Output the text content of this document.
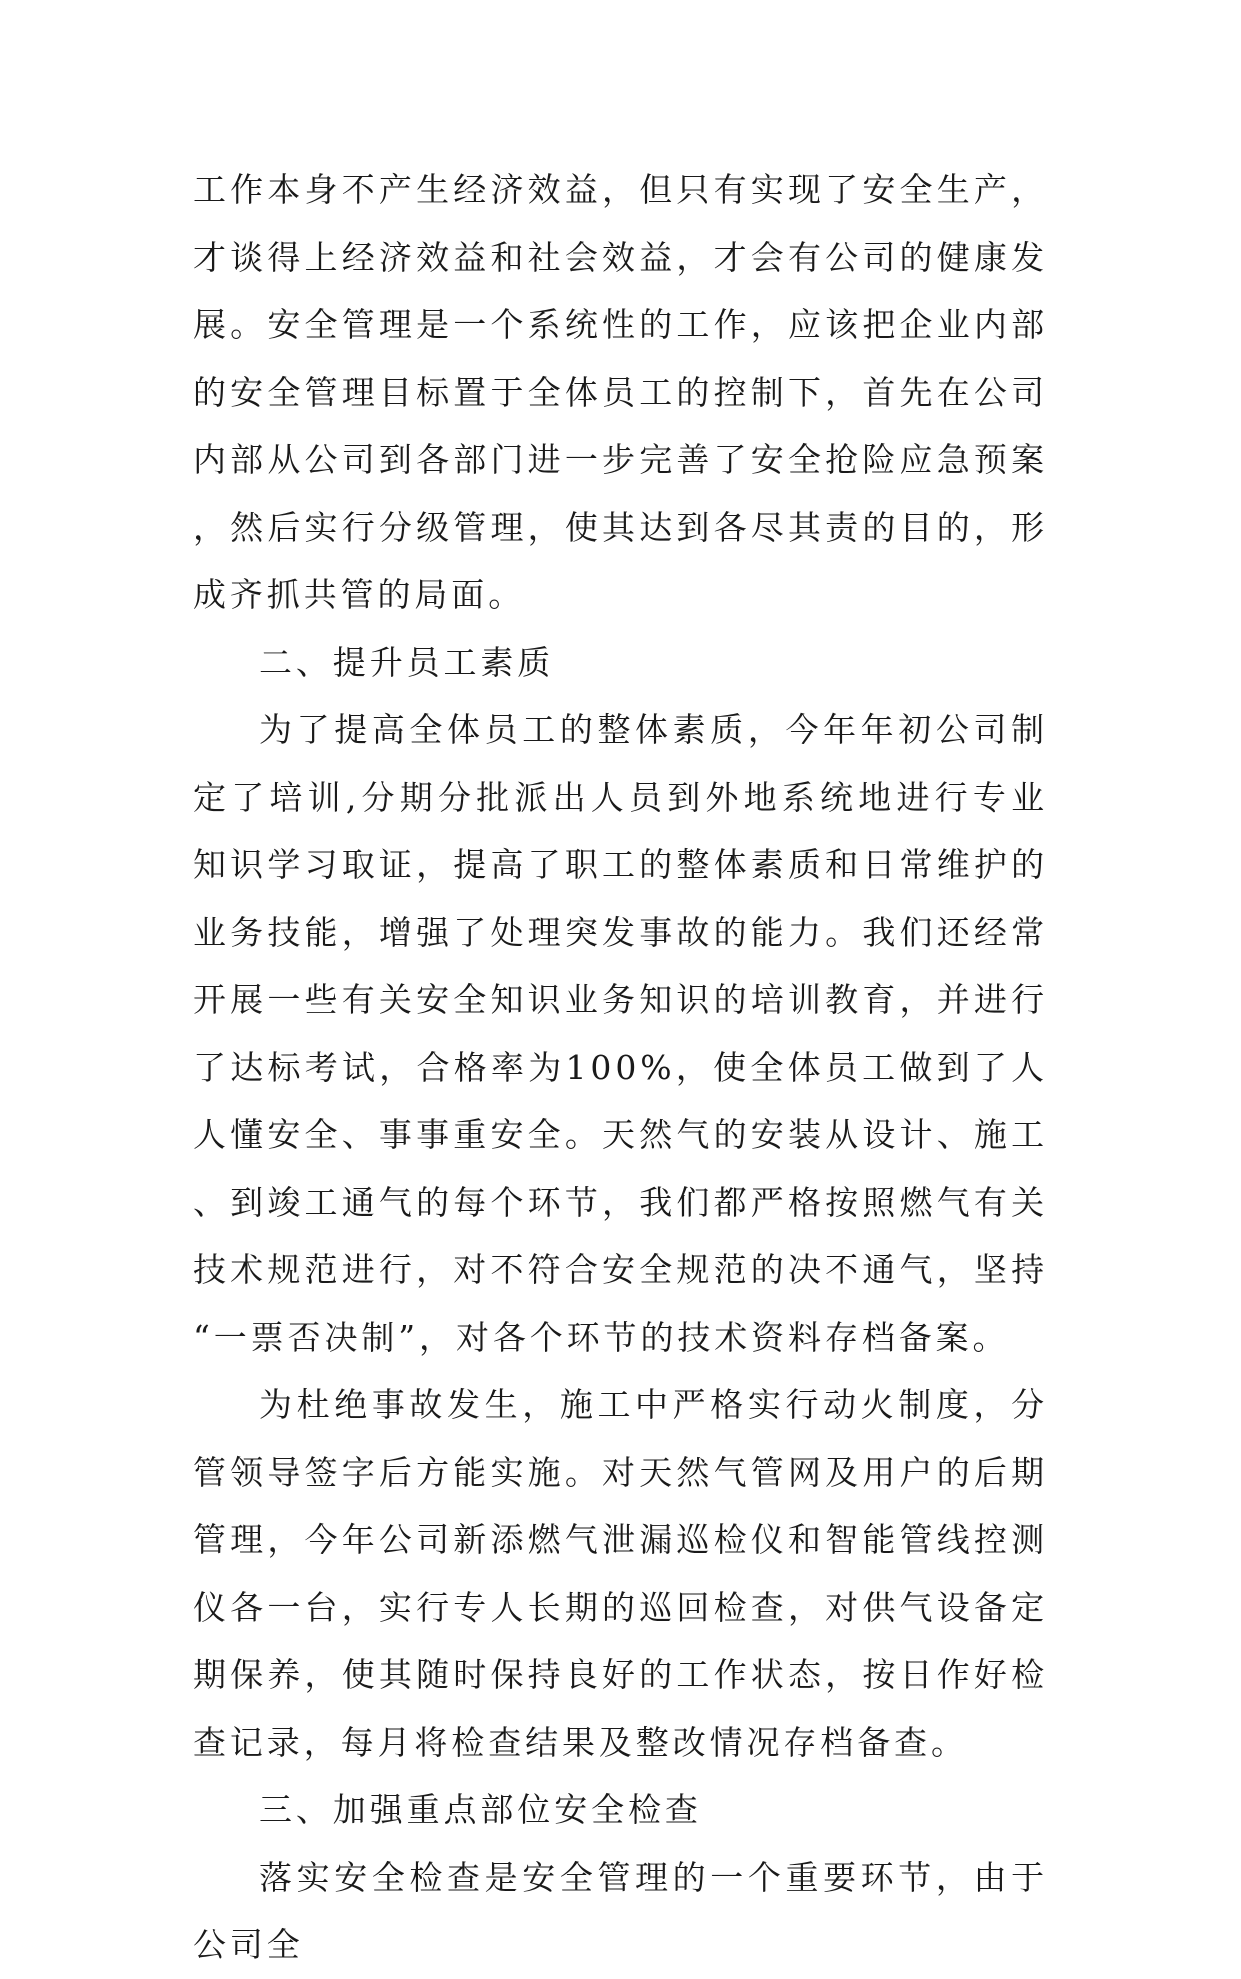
工作本身不产生经济效益，但只有实现了安全生产，才谈得上经济效益和社会效益，才会有公司的健康发展。安全管理是一个系统性的工作，应该把企业内部的安全管理目标置于全体员工的控制下，首先在公司内部从公司到各部门进一步完善了安全抢险应急预案，然后实行分级管理，使其达到各尽其责的目的，形成齐抓共管的局面。

二、提升员工素质

为了提高全体员工的整体素质，今年年初公司制定了培训,分期分批派出人员到外地系统地进行专业知识学习取证，提高了职工的整体素质和日常维护的业务技能，增强了处理突发事故的能力。我们还经常开展一些有关安全知识业务知识的培训教育，并进行了达标考试，合格率为100%，使全体员工做到了人人懂安全、事事重安全。天然气的安装从设计、施工、到竣工通气的每个环节，我们都严格按照燃气有关技术规范进行，对不符合安全规范的决不通气，坚持“一票否决制”，对各个环节的技术资料存档备案。

为杜绝事故发生，施工中严格实行动火制度，分管领导签字后方能实施。对天然气管网及用户的后期管理，今年公司新添燃气泄漏巡检仪和智能管线控测仪各一台，实行专人长期的巡回检查，对供气设备定期保养，使其随时保持良好的工作状态，按日作好检查记录，每月将检查结果及整改情况存档备查。

三、加强重点部位安全检查

落实安全检查是安全管理的一个重要环节，由于公司全
